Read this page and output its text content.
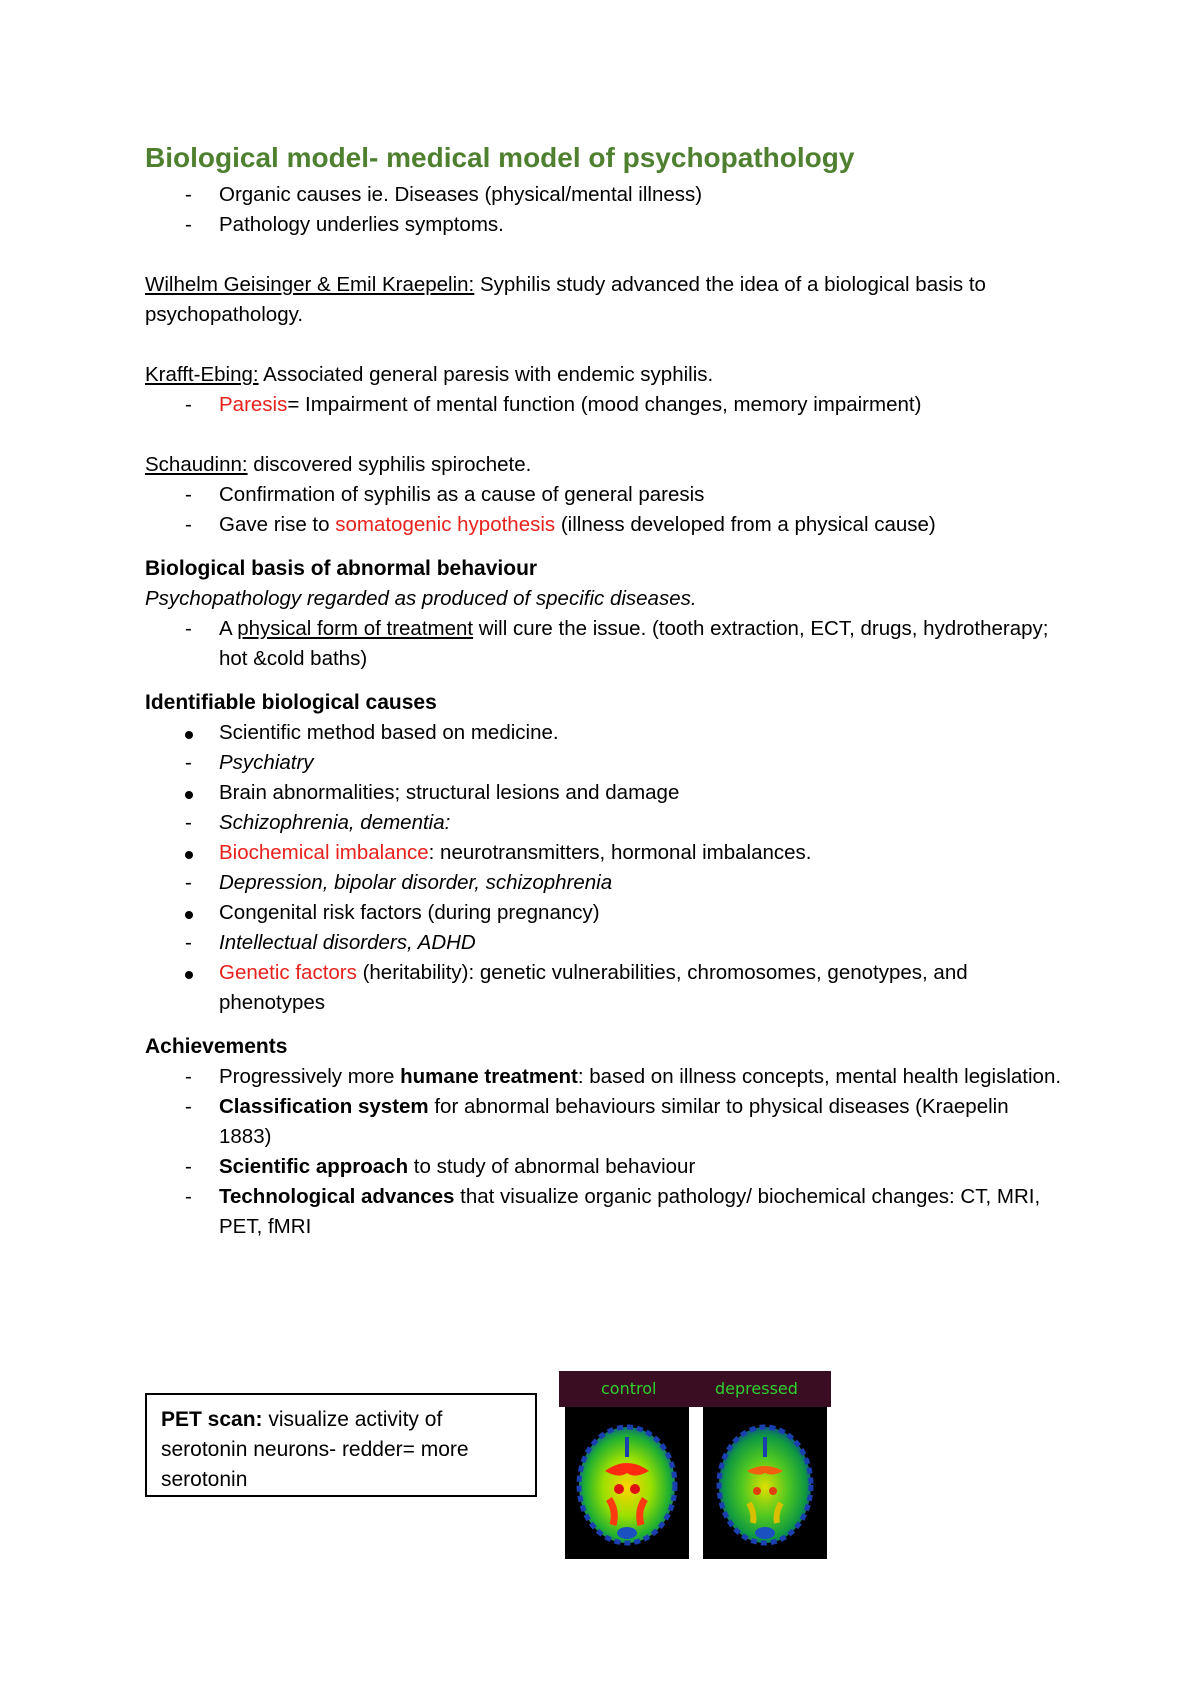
Biological model- medical model of psychopathology

-	Organic causes ie. Diseases (physical/mental illness)
-	Pathology underlies symptoms.

Wilhelm Geisinger & Emil Kraepelin: Syphilis study advanced the idea of a biological basis to psychopathology.

Krafft-Ebing: Associated general paresis with endemic syphilis.

-	Paresis= Impairment of mental function (mood changes, memory impairment)

Schaudinn: discovered syphilis spirochete.

-	Confirmation of syphilis as a cause of general paresis
-	Gave rise to somatogenic hypothesis (illness developed from a physical cause)

Biological basis of abnormal behaviour

Psychopathology regarded as produced of specific diseases.

-	A physical form of treatment will cure the issue. (tooth extraction, ECT, drugs, hydrotherapy; hot &cold baths)

Identifiable biological causes

Scientific method based on medicine.
-	Psychiatry
Brain abnormalities; structural lesions and damage
-	Schizophrenia, dementia:
Biochemical imbalance: neurotransmitters, hormonal imbalances.
-	Depression, bipolar disorder, schizophrenia
Congenital risk factors (during pregnancy)
-	Intellectual disorders, ADHD
Genetic factors (heritability): genetic vulnerabilities, chromosomes, genotypes, and phenotypes

Achievements

-	Progressively more humane treatment: based on illness concepts, mental health legislation.
-	Classification system for abnormal behaviours similar to physical diseases (Kraepelin 1883)
-	Scientific approach to study of abnormal behaviour
-	Technological advances that visualize organic pathology/ biochemical changes: CT, MRI, PET, fMRI
PET scan: visualize activity of serotonin neurons- redder= more serotonin
control	depressed
